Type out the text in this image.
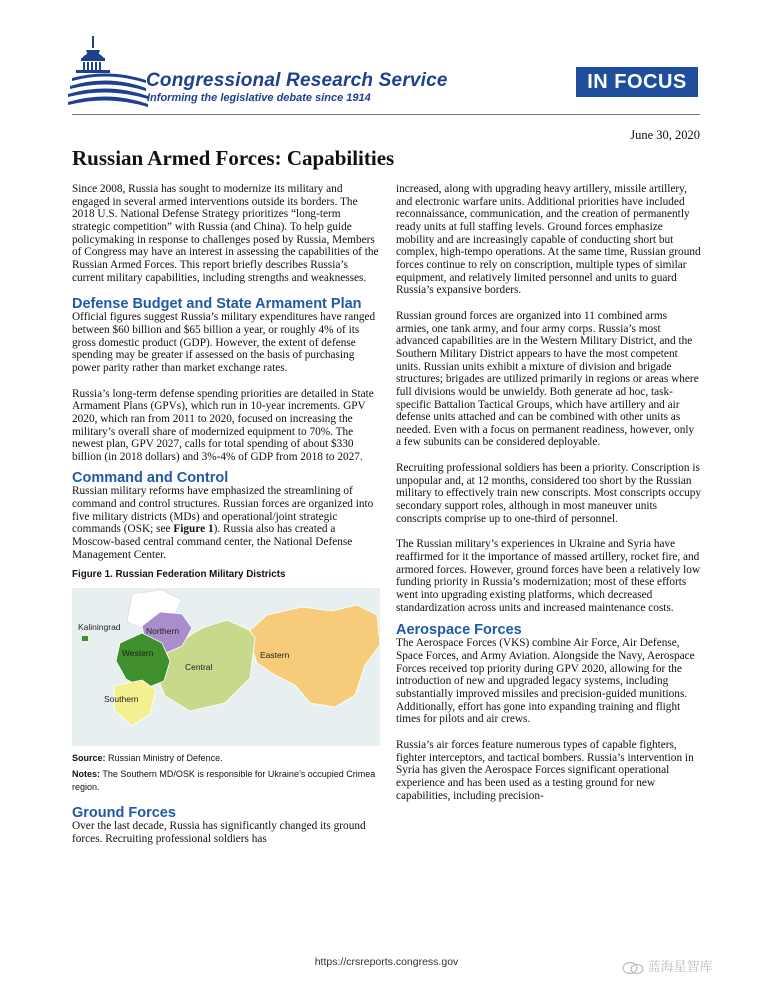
Congressional Research Service
Informing the legislative debate since 1914
IN FOCUS
June 30, 2020
Russian Armed Forces: Capabilities

Since 2008, Russia has sought to modernize its military and engaged in several armed interventions outside its borders. The 2018 U.S. National Defense Strategy prioritizes “long-term strategic competition” with Russia (and China). To help guide policymaking in response to challenges posed by Russia, Members of Congress may have an interest in assessing the capabilities of the Russian Armed Forces. This report briefly describes Russia’s current military capabilities, including strengths and weaknesses.

Defense Budget and State Armament Plan

Official figures suggest Russia’s military expenditures have ranged between $60 billion and $65 billion a year, or roughly 4% of its gross domestic product (GDP). However, the extent of defense spending may be greater if assessed on the basis of purchasing power parity rather than market exchange rates.

Russia’s long-term defense spending priorities are detailed in State Armament Plans (GPVs), which run in 10-year increments. GPV 2020, which ran from 2011 to 2020, focused on increasing the military’s overall share of modernized equipment to 70%. The newest plan, GPV 2027, calls for total spending of about $330 billion (in 2018 dollars) and 3%-4% of GDP from 2018 to 2027.

Command and Control

Russian military reforms have emphasized the streamlining of command and control structures. Russian forces are organized into five military districts (MDs) and operational/joint strategic commands (OSK; see Figure 1). Russia also has created a Moscow-based central command center, the National Defense Management Center.

Figure 1. Russian Federation Military Districts
Kaliningrad	Northern
Western
Central
Eastern
Southern
Source: Russian Ministry of Defence.
Notes: The Southern MD/OSK is responsible for Ukraine’s occupied Crimea region.
Ground Forces

Over the last decade, Russia has significantly changed its ground forces. Recruiting professional soldiers has

increased, along with upgrading heavy artillery, missile artillery, and electronic warfare units. Additional priorities have included reconnaissance, communication, and the creation of permanently ready units at full staffing levels. Ground forces emphasize mobility and are increasingly capable of conducting short but complex, high-tempo operations. At the same time, Russian ground forces continue to rely on conscription, multiple types of similar equipment, and relatively limited personnel and units to guard Russia’s expansive borders.

Russian ground forces are organized into 11 combined arms armies, one tank army, and four army corps. Russia’s most advanced capabilities are in the Western Military District, and the Southern Military District appears to have the most competent units. Russian units exhibit a mixture of division and brigade structures; brigades are utilized primarily in regions or areas where full divisions would be unwieldy. Both generate ad hoc, task-specific Battalion Tactical Groups, which have artillery and air defense units attached and can be combined with other units as needed. Even with a focus on permanent readiness, however, only a few subunits can be considered deployable.

Recruiting professional soldiers has been a priority. Conscription is unpopular and, at 12 months, considered too short by the Russian military to effectively train new conscripts. Most conscripts occupy secondary support roles, although in most maneuver units conscripts comprise up to one-third of personnel.

The Russian military’s experiences in Ukraine and Syria have reaffirmed for it the importance of massed artillery, rocket fire, and armored forces. However, ground forces have been a relatively low funding priority in Russia’s modernization; most of these efforts went into upgrading existing platforms, which decreased standardization across units and increased maintenance costs.

Aerospace Forces

The Aerospace Forces (VKS) combine Air Force, Air Defense, Space Forces, and Army Aviation. Alongside the Navy, Aerospace Forces received top priority during GPV 2020, allowing for the introduction of new and upgraded legacy systems, including substantially improved missiles and precision-guided munitions. Additionally, effort has gone into expanding training and flight times for pilots and air crews.

Russia’s air forces feature numerous types of capable fighters, fighter interceptors, and tactical bombers. Russia’s intervention in Syria has given the Aerospace Forces significant operational experience and has been used as a testing ground for new capabilities, including precision-

https://crsreports.congress.gov	蓝海星智库
